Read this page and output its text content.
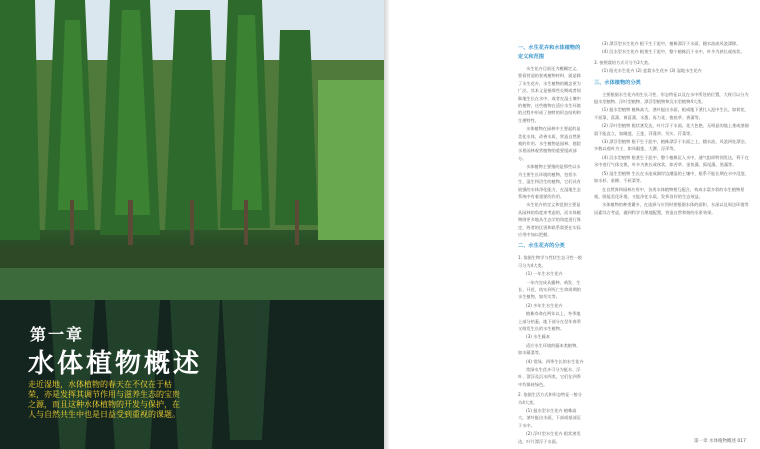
第一章
水体植物概述
走近湿地，水体植物的春天在不仅在于枯荣，亦是发挥其调节作用与滋养生态的宝贵之源，而且这种水体植物的开发与保护，在人与自然共生中也是日益受到重视的课题。
一、水生花卉和水体植物的定义和范围

水生花卉目前还为模糊定义，要看营造的景观植物材料，就是除了水生花卉，水生植物的概念更为广泛。其本义是指那些长期或者间歇地生长在水中，或者在湿土壤中的植物，这些植物在适应水生环境的过程中形成了独特的形态结构和生理特性。

水体植物在园林中主要起的是美化水体，改善水质，营造自然景观的作用。水生植物是园林、庭院水景园林观赏植物的重要组成部分。

水体植物主要指的是那些以水为主要生长环境的植物，包括水生、湿生和沼生的植物，它们具有较强的水体净化能力，在湿地生态系统中有着重要的作用。

水生花卉的定义和范围主要是从园林的角度来考虑的，而水体植物则更多地从生态学的角度进行界定，两者的区别和联系需要在实际应用中加以把握。

二、水生花卉的分类

1. 依据生物学与性状生态习性一般可分为4大类。

(1) 一年生水生花卉

一年内完成从播种、萌发、生长、开花、结实到死亡生命周期的水生植物，如芡实等。

(2) 多年生水生花卉

植株寿命在两年以上，冬季地上部分枯萎，地下部分在翌年春季又萌发生长的水生植物。

(3) 水生藤本

适应水生环境的藤本类植物，如水蕹菜等。

(4) 常绿、四季生长的水生花卉

常绿水生花卉可分为挺水、浮叶、漂浮及沉水四类，它们在四季中均保持绿色。

2. 依据生活方式和形态特征一般分为4大类。

(1) 挺水型水生花卉 植株高大，茎叶挺出水面，下部或基部沉于水中。

(2) 浮叶型水生花卉 根状茎发达，叶片漂浮于水面。

(3) 漂浮型水生花卉 根不生于泥中，植株漂浮于水面，随水流或风浪漂移。

(4) 沉水型水生花卉 根茎生于泥中，整个植株沉于水中，叶多为狭长或丝状。

3. 按照栽培方式可分为3大类。

(1) 阳光水生花卉 (2) 盆栽水生花卉 (3) 湿地水生花卉

三、水体植物的分类

主要根据水生花卉的生长习性、形态特征以及在水中所处的位置，大致可以分为挺水型植物、浮叶型植物、漂浮型植物和沉水型植物4大类。

(1) 挺水型植物 植株高大，茎叶挺出水面，根或地下茎扎入泥中生长，如荷花、千屈菜、菖蒲、黄菖蒲、水葱、再力花、梭鱼草、香蒲等。

(2) 浮叶型植物 根状茎发达，叶片浮于水面，花大色艳，无明显的地上茎或茎细弱不能直立，如睡莲、王莲、萍蓬草、芡实、荇菜等。

(3) 漂浮型植物 根不生于泥中，植株漂浮于水面之上，随水流、风浪四处漂泊，多数以观叶为主，如凤眼莲、大薸、浮萍等。

(4) 沉水型植物 根茎生于泥中，整个植株沉入水中，通气组织特别发达，利于在水中进行气体交换，叶多为狭长或丝状，如苦草、金鱼藻、狐尾藻、黑藻等。

(5) 湿生型植物 生长在水池或湖岸边潮湿的土壤中，根系不能长期在水中浸泡，如水杉、垂柳、千屈菜等。

在自然界和园林应用中，各类水体植物相互配合，构成丰富多彩的水生植物景观，既能美化环境，又能净化水质，发挥良好的生态效益。

水体植物的种类繁多，在选择与应用时要根据水体的面积、水深以及周边环境等因素综合考虑，做到科学合理地配置，营造自然和谐的水景效果。

第一章 水体植物概述 017
